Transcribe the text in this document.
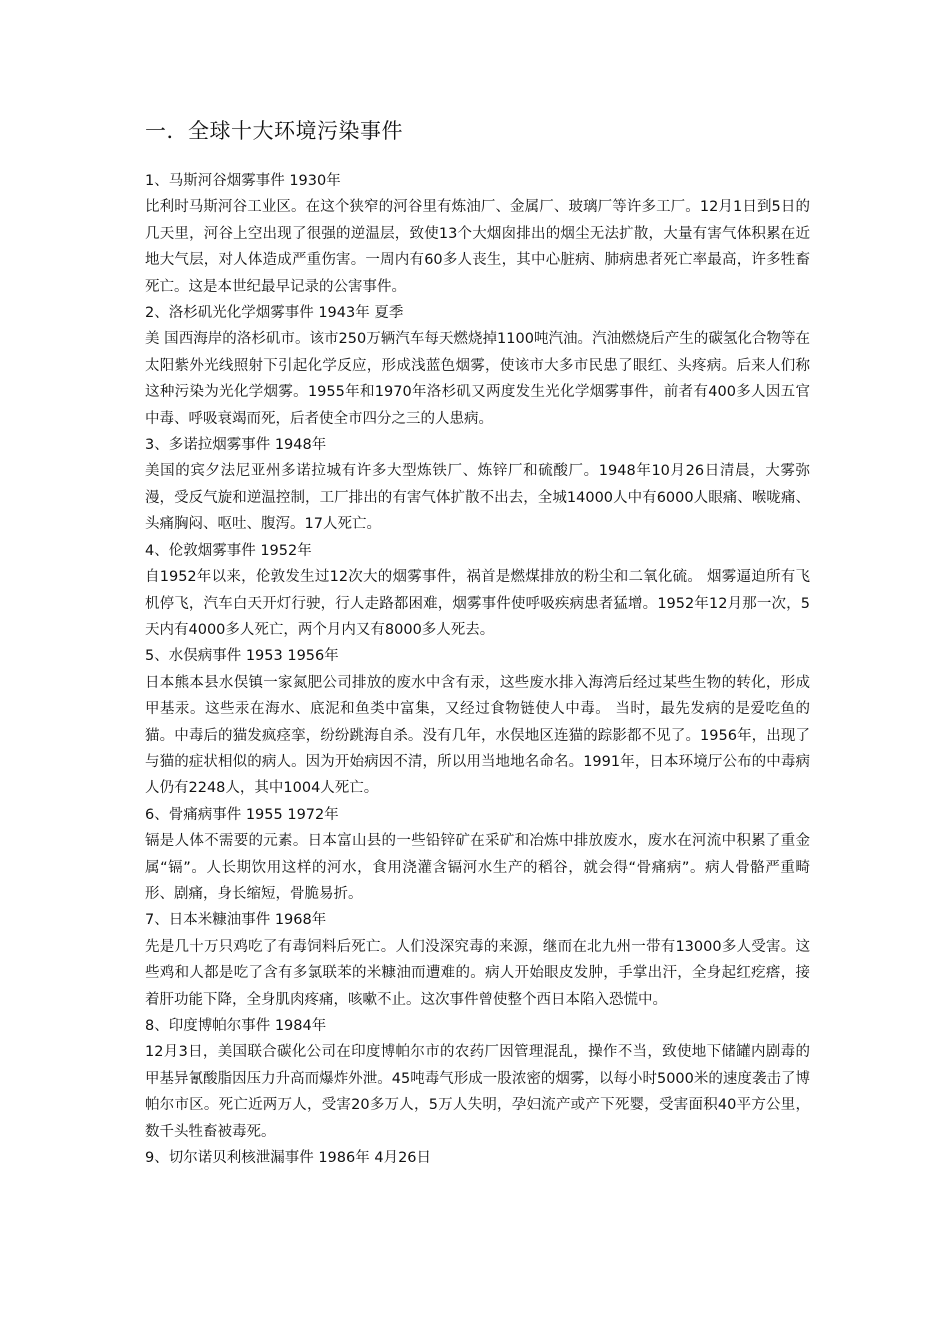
一．全球十大环境污染事件

1、马斯河谷烟雾事件 1930年

比利时马斯河谷工业区。在这个狭窄的河谷里有炼油厂、金属厂、玻璃厂等许多工厂。12月1日到5日的几天里，河谷上空出现了很强的逆温层，致使13个大烟囱排出的烟尘无法扩散，大量有害气体积累在近地大气层，对人体造成严重伤害。一周内有60多人丧生，其中心脏病、肺病患者死亡率最高，许多牲畜死亡。这是本世纪最早记录的公害事件。

2、洛杉矶光化学烟雾事件 1943年 夏季

美 国西海岸的洛杉矶市。该市250万辆汽车每天燃烧掉1100吨汽油。汽油燃烧后产生的碳氢化合物等在太阳紫外光线照射下引起化学反应，形成浅蓝色烟雾，使该市大多市民患了眼红、头疼病。后来人们称这种污染为光化学烟雾。1955年和1970年洛杉矶又两度发生光化学烟雾事件，前者有400多人因五官中毒、呼吸衰竭而死，后者使全市四分之三的人患病。

3、多诺拉烟雾事件 1948年

美国的宾夕法尼亚州多诺拉城有许多大型炼铁厂、炼锌厂和硫酸厂。1948年10月26日清晨，大雾弥漫，受反气旋和逆温控制，工厂排出的有害气体扩散不出去，全城14000人中有6000人眼痛、喉咙痛、头痛胸闷、呕吐、腹泻。17人死亡。

4、伦敦烟雾事件 1952年

自1952年以来，伦敦发生过12次大的烟雾事件，祸首是燃煤排放的粉尘和二氧化硫。 烟雾逼迫所有飞机停飞，汽车白天开灯行驶，行人走路都困难，烟雾事件使呼吸疾病患者猛增。1952年12月那一次，5天内有4000多人死亡，两个月内又有8000多人死去。

5、水俣病事件 1953 1956年

日本熊本县水俣镇一家氮肥公司排放的废水中含有汞，这些废水排入海湾后经过某些生物的转化，形成甲基汞。这些汞在海水、底泥和鱼类中富集，又经过食物链使人中毒。 当时，最先发病的是爱吃鱼的猫。中毒后的猫发疯痉挛，纷纷跳海自杀。没有几年，水俣地区连猫的踪影都不见了。1956年，出现了与猫的症状相似的病人。因为开始病因不清，所以用当地地名命名。1991年，日本环境厅公布的中毒病人仍有2248人，其中1004人死亡。

6、骨痛病事件 1955 1972年

镉是人体不需要的元素。日本富山县的一些铅锌矿在采矿和冶炼中排放废水，废水在河流中积累了重金属“镉”。人长期饮用这样的河水，食用浇灌含镉河水生产的稻谷，就会得“骨痛病”。病人骨骼严重畸形、剧痛，身长缩短，骨脆易折。

7、日本米糠油事件 1968年

先是几十万只鸡吃了有毒饲料后死亡。人们没深究毒的来源，继而在北九州一带有13000多人受害。这些鸡和人都是吃了含有多氯联苯的米糠油而遭难的。病人开始眼皮发肿，手掌出汗，全身起红疙瘩，接着肝功能下降，全身肌肉疼痛，咳嗽不止。这次事件曾使整个西日本陷入恐慌中。

8、印度博帕尔事件 1984年

12月3日，美国联合碳化公司在印度博帕尔市的农药厂因管理混乱，操作不当，致使地下储罐内剧毒的甲基异氰酸脂因压力升高而爆炸外泄。45吨毒气形成一股浓密的烟雾，以每小时5000米的速度袭击了博帕尔市区。死亡近两万人，受害20多万人，5万人失明，孕妇流产或产下死婴，受害面积40平方公里，数千头牲畜被毒死。

9、切尔诺贝利核泄漏事件 1986年 4月26日
